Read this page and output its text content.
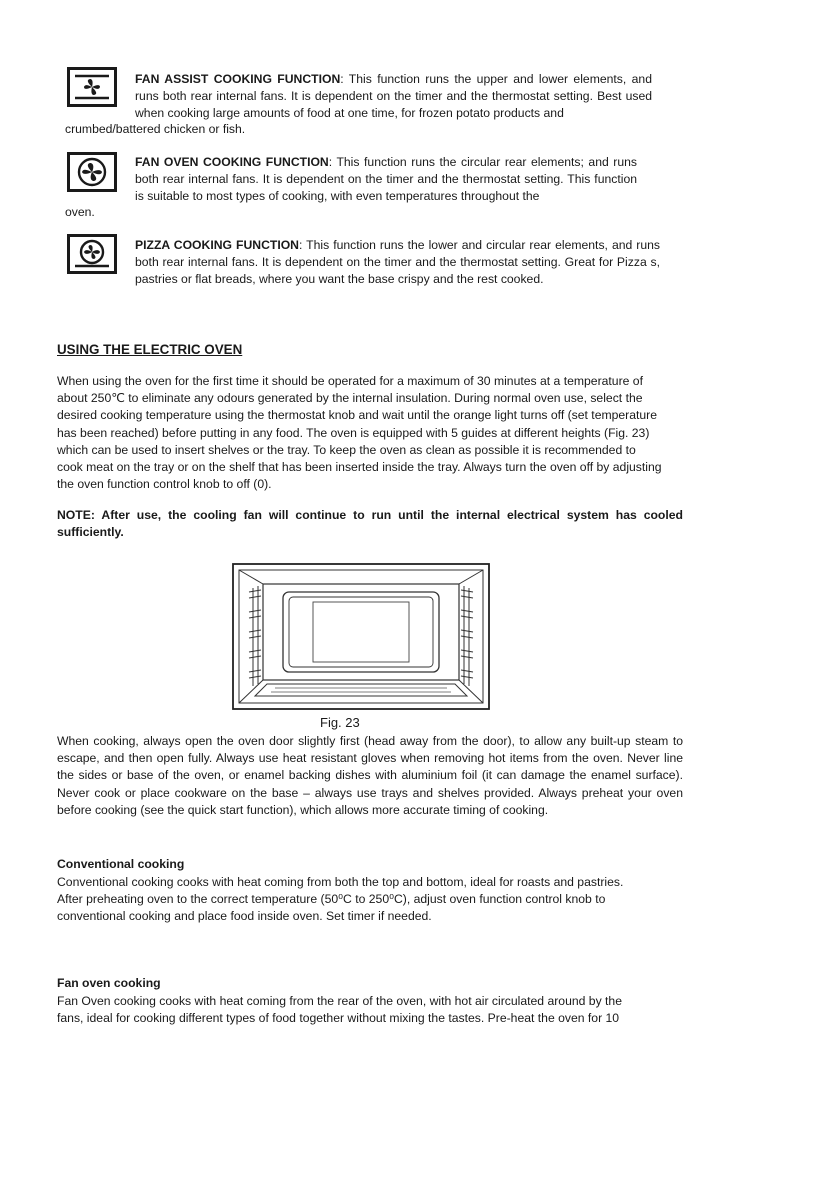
FAN ASSIST COOKING FUNCTION: This function runs the upper and lower elements, and runs both rear internal fans. It is dependent on the timer and the thermostat setting. Best used when cooking large amounts of food at one time, for frozen potato products and
crumbed/battered chicken or fish.
FAN OVEN COOKING FUNCTION: This function runs the circular rear elements; and runs both rear internal fans. It is dependent on the timer and the thermostat setting. This function is suitable to most types of cooking, with even temperatures throughout the
oven.
PIZZA COOKING FUNCTION: This function runs the lower and circular rear elements, and runs both rear internal fans. It is dependent on the timer and the thermostat setting. Great for Pizza s, pastries or flat breads, where you want the base crispy and the rest cooked.
USING THE ELECTRIC OVEN
When using the oven for the first time it should be operated for a maximum of 30 minutes at a temperature of about 250℃ to eliminate any odours generated by the internal insulation. During normal oven use, select the desired cooking temperature using the thermostat knob and wait until the orange light turns off (set temperature has been reached) before putting in any food. The oven is equipped with 5 guides at different heights (Fig. 23) which can be used to insert shelves or the tray. To keep the oven as clean as possible it is recommended to cook meat on the tray or on the shelf that has been inserted inside the tray. Always turn the oven off by adjusting the oven function control knob to off (0).
NOTE: After use, the cooling fan will continue to run until the internal electrical system has cooled sufficiently.
Fig. 23
When cooking, always open the oven door slightly first (head away from the door), to allow any built-up steam to escape, and then open fully. Always use heat resistant gloves when removing hot items from the oven. Never line the sides or base of the oven, or enamel backing dishes with aluminium foil (it can damage the enamel surface). Never cook or place cookware on the base – always use trays and shelves provided. Always preheat your oven before cooking (see the quick start function), which allows more accurate timing of cooking.
Conventional cooking
Conventional cooking cooks with heat coming from both the top and bottom, ideal for roasts and pastries.
After preheating oven to the correct temperature (50⁰C to 250⁰C), adjust oven function control knob to
conventional cooking and place food inside oven. Set timer if needed.
Fan oven cooking
Fan Oven cooking cooks with heat coming from the rear of the oven, with hot air circulated around by the
fans, ideal for cooking different types of food together without mixing the tastes. Pre-heat the oven for 10
